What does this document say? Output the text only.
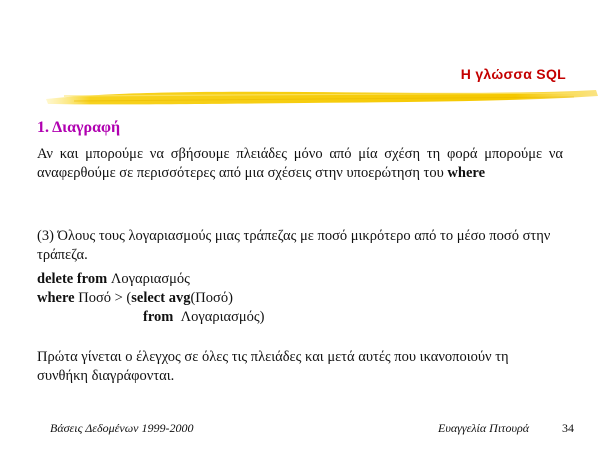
Η γλώσσα SQL
1. Διαγραφή
Αν και μπορούμε να σβήσουμε πλειάδες μόνο από μία σχέση τη φορά μπορούμε να αναφερθούμε σε περισσότερες από μια σχέσεις στην υποερώτηση του where
(3) Όλους τους λογαριασμούς μιας τράπεζας με ποσό μικρότερο από το μέσο ποσό στην τράπεζα.
delete from Λογαριασμός
where Ποσό > (select avg(Ποσό)
from  Λογαριασμός)
Πρώτα γίνεται ο έλεγχος σε όλες τις πλειάδες και μετά αυτές που ικανοποιούν τη συνθήκη διαγράφονται.
Βάσεις Δεδομένων 1999-2000	Ευαγγελία Πιτουρά	34
